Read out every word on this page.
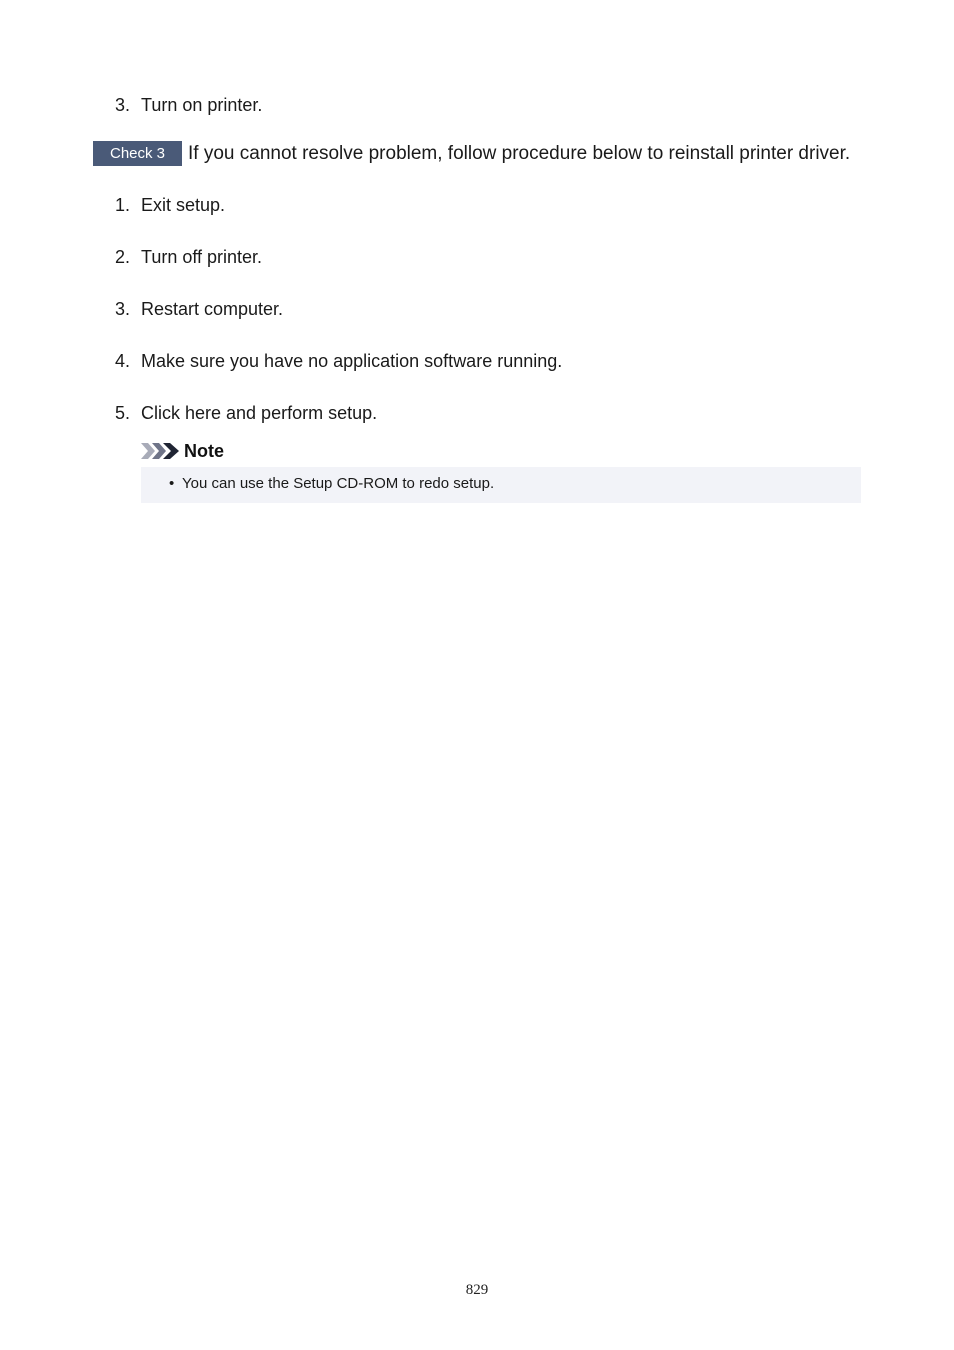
3. Turn on printer.
Check 3	If you cannot resolve problem, follow procedure below to reinstall printer driver.
1. Exit setup.
2. Turn off printer.
3. Restart computer.
4. Make sure you have no application software running.
5. Click here and perform setup.
Note
• You can use the Setup CD-ROM to redo setup.
829
